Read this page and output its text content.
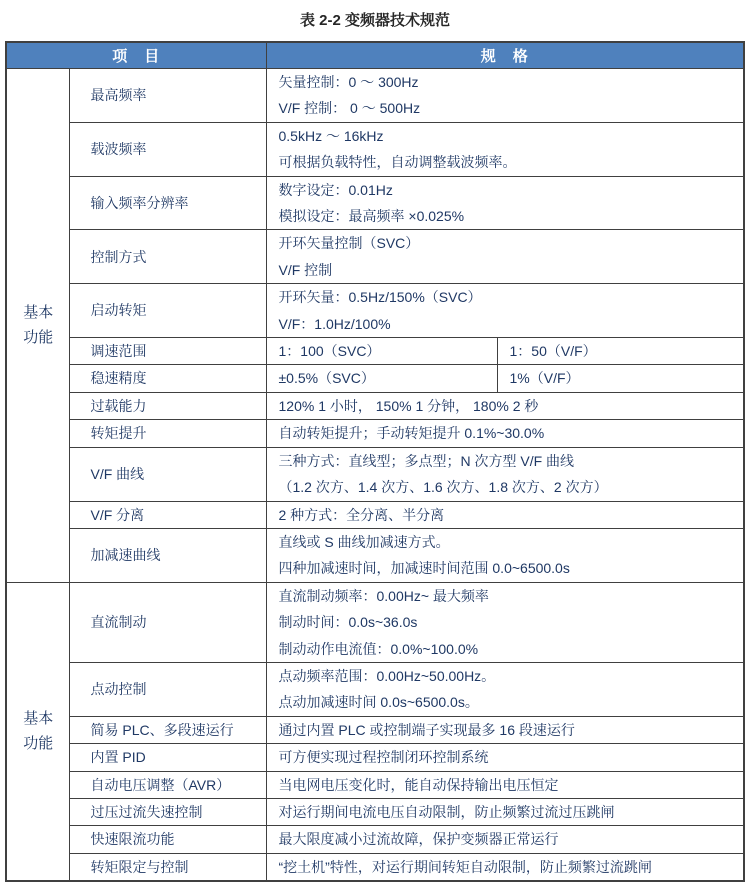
表 2-2 变频器技术规范
项　目		规　格	

基本功能	最高频率	矢量控制：0 ～ 300Hz
V/F 控制： 0 ～ 500Hz	

	载波频率	0.5kHz ～ 16kHz
可根据负载特性，自动调整载波频率。	

	输入频率分辨率	数字设定：0.01Hz
模拟设定：最高频率 ×0.025%	

	控制方式	开环矢量控制（SVC）
V/F 控制	

	启动转矩	开环矢量：0.5Hz/150%（SVC）
V/F：1.0Hz/100%	

	调速范围	1：100（SVC）	1：50（V/F）
	稳速精度	±0.5%（SVC）	1%（V/F）
	过载能力	120% 1 小时， 150% 1 分钟， 180% 2 秒	
	转矩提升	自动转矩提升；手动转矩提升 0.1%~30.0%	
	V/F 曲线	三种方式：直线型；多点型；N 次方型 V/F 曲线
（1.2 次方、1.4 次方、1.6 次方、1.8 次方、2 次方）	

	V/F 分离	2 种方式：全分离、半分离	
	加减速曲线	直线或 S 曲线加减速方式。
四种加减速时间，加减速时间范围 0.0~6500.0s	

基本功能	直流制动	直流制动频率：0.00Hz~ 最大频率
制动时间：0.0s~36.0s
制动动作电流值：0.0%~100.0%	

	点动控制	点动频率范围：0.00Hz~50.00Hz。
点动加减速时间 0.0s~6500.0s。	

	简易 PLC、多段速运行	通过内置 PLC 或控制端子实现最多 16 段速运行	
	内置 PID	可方便实现过程控制闭环控制系统	
	自动电压调整（AVR）	当电网电压变化时，能自动保持输出电压恒定	
	过压过流失速控制	对运行期间电流电压自动限制，防止频繁过流过压跳闸	
	快速限流功能	最大限度减小过流故障，保护变频器正常运行	
	转矩限定与控制	“挖土机”特性，对运行期间转矩自动限制，防止频繁过流跳闸	
